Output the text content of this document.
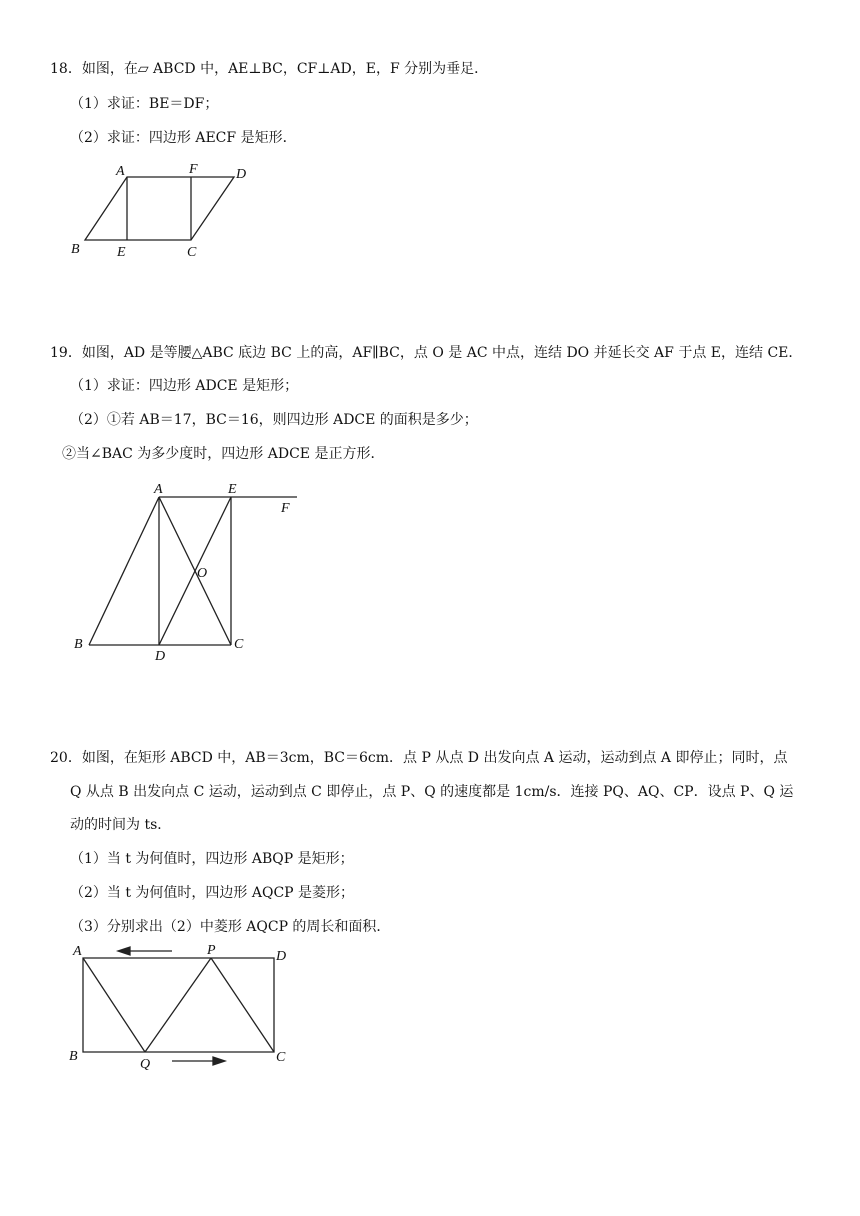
18．如图，在▱ ABCD 中，AE⊥BC，CF⊥AD，E，F 分别为垂足．
（1）求证：BE＝DF；
（2）求证：四边形 AECF 是矩形．
A	F	D
B	E	C
A	E
F
O
B
D
C
A	P	D
B
Q	C
19．如图，AD 是等腰△ABC 底边 BC 上的高，AF∥BC，点 O 是 AC 中点，连结 DO 并延长交 AF 于点 E，连结 CE．
（1）求证：四边形 ADCE 是矩形；
（2）①若 AB＝17，BC＝16，则四边形 ADCE 的面积是多少；
②当∠BAC 为多少度时，四边形 ADCE 是正方形．
20．如图，在矩形 ABCD 中，AB＝3cm，BC＝6cm．点 P 从点 D 出发向点 A 运动，运动到点 A 即停止；同时，点
Q 从点 B 出发向点 C 运动，运动到点 C 即停止，点 P、Q 的速度都是 1cm/s．连接 PQ、AQ、CP．设点 P、Q 运
动的时间为 ts．
（1）当 t 为何值时，四边形 ABQP 是矩形；
（2）当 t 为何值时，四边形 AQCP 是菱形；
（3）分别求出（2）中菱形 AQCP 的周长和面积．
